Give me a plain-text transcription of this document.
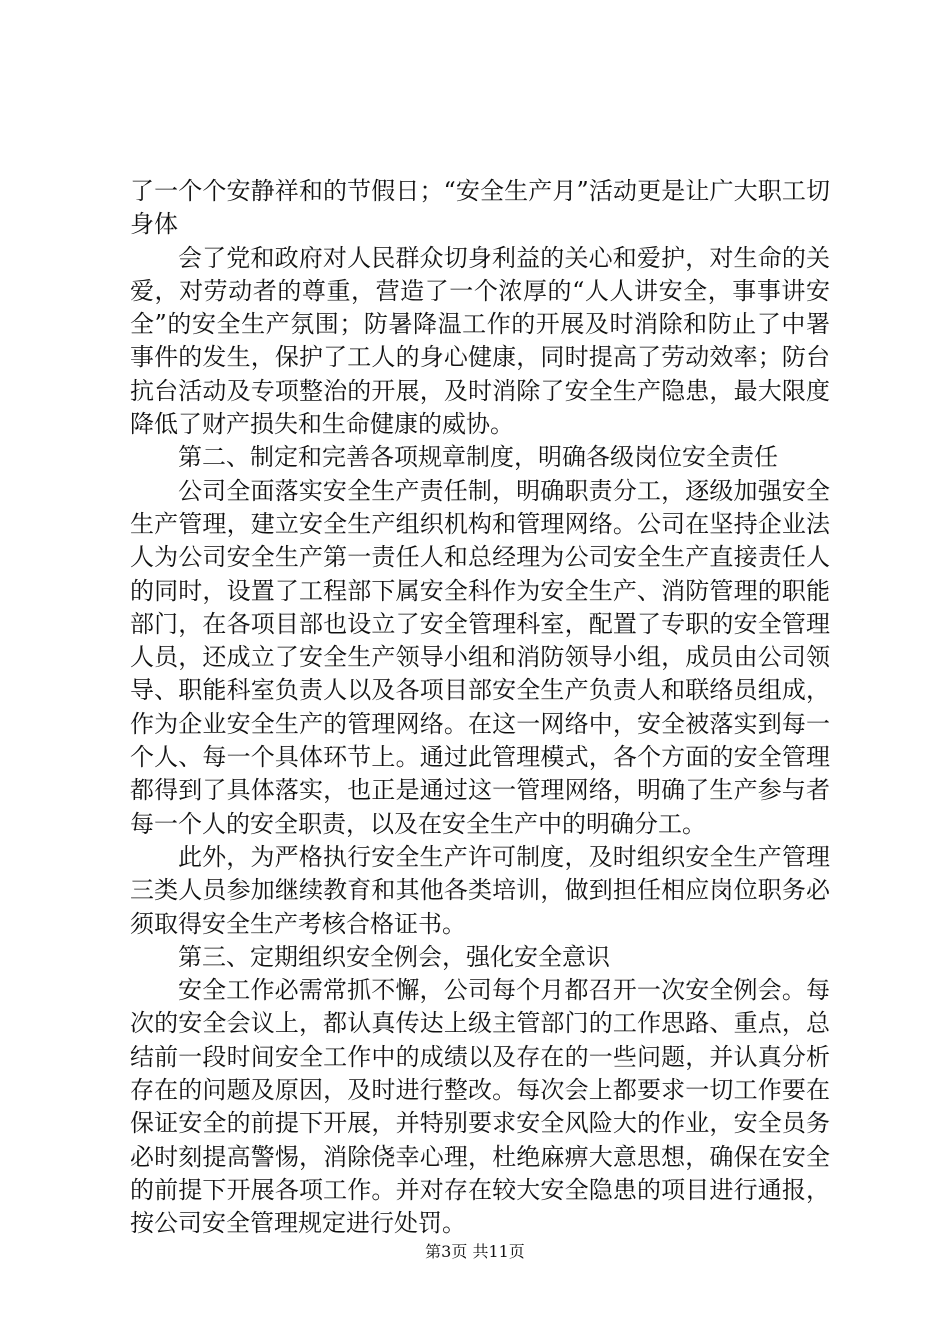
了一个个安静祥和的节假日；“安全生产月”活动更是让广大职工切身体

会了党和政府对人民群众切身利益的关心和爱护，对生命的关爱，对劳动者的尊重，营造了一个浓厚的“人人讲安全，事事讲安全”的安全生产氛围；防暑降温工作的开展及时消除和防止了中署事件的发生，保护了工人的身心健康，同时提高了劳动效率；防台抗台活动及专项整治的开展，及时消除了安全生产隐患，最大限度降低了财产损失和生命健康的威协。

第二、制定和完善各项规章制度，明确各级岗位安全责任

公司全面落实安全生产责任制，明确职责分工，逐级加强安全生产管理，建立安全生产组织机构和管理网络。公司在坚持企业法人为公司安全生产第一责任人和总经理为公司安全生产直接责任人的同时，设置了工程部下属安全科作为安全生产、消防管理的职能部门，在各项目部也设立了安全管理科室，配置了专职的安全管理人员，还成立了安全生产领导小组和消防领导小组，成员由公司领导、职能科室负责人以及各项目部安全生产负责人和联络员组成，作为企业安全生产的管理网络。在这一网络中，安全被落实到每一个人、每一个具体环节上。通过此管理模式，各个方面的安全管理都得到了具体落实，也正是通过这一管理网络，明确了生产参与者每一个人的安全职责，以及在安全生产中的明确分工。

此外，为严格执行安全生产许可制度，及时组织安全生产管理三类人员参加继续教育和其他各类培训，做到担任相应岗位职务必须取得安全生产考核合格证书。

第三、定期组织安全例会，强化安全意识

安全工作必需常抓不懈，公司每个月都召开一次安全例会。每次的安全会议上，都认真传达上级主管部门的工作思路、重点，总结前一段时间安全工作中的成绩以及存在的一些问题，并认真分析存在的问题及原因，及时进行整改。每次会上都要求一切工作要在保证安全的前提下开展，并特别要求安全风险大的作业，安全员务必时刻提高警惕，消除侥幸心理，杜绝麻痹大意思想，确保在安全的前提下开展各项工作。并对存在较大安全隐患的项目进行通报，按公司安全管理规定进行处罚。

第3页 共11页
